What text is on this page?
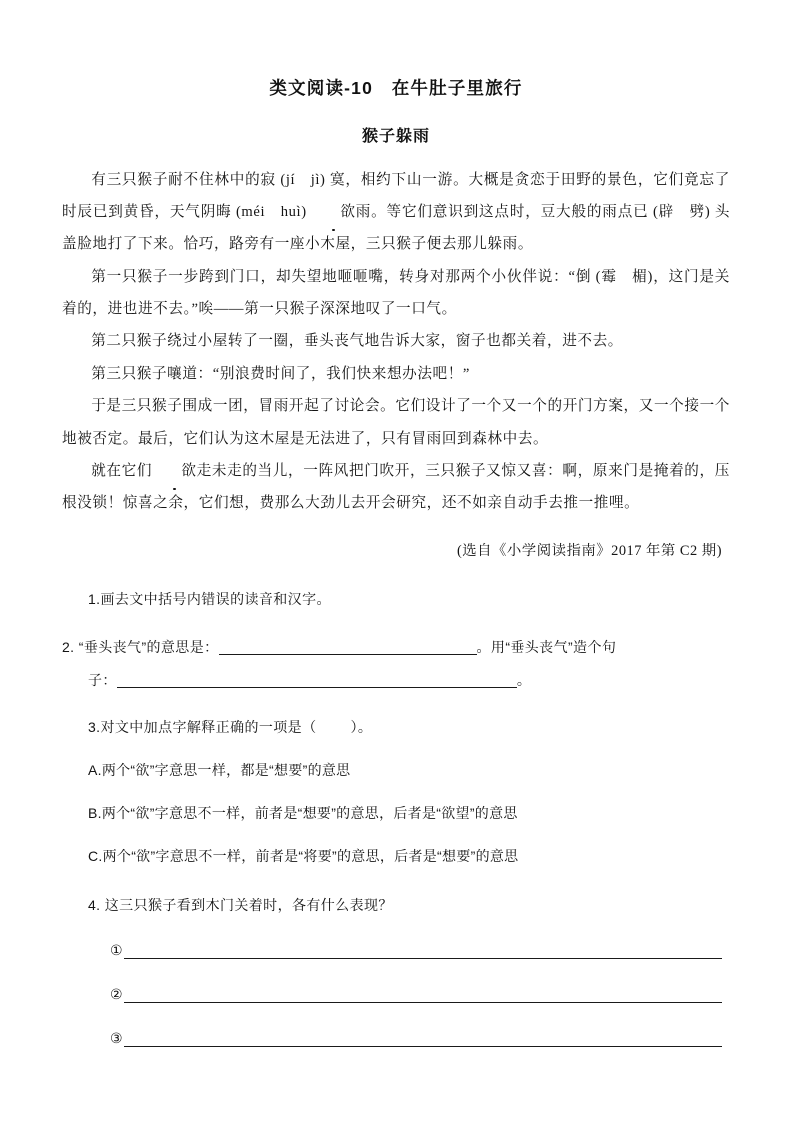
类文阅读-10　在牛肚子里旅行
猴子躲雨

有三只猴子耐不住林中的寂 (jí　jì) 寞，相约下山一游。大概是贪恋于田野的景色，它们竟忘了时辰已到黄昏，天气阴晦 (méi　huì) 欲雨。等它们意识到这点时，豆大般的雨点已 (辟　劈) 头盖脸地打了下来。恰巧，路旁有一座小木屋，三只猴子便去那儿躲雨。

第一只猴子一步跨到门口，却失望地咂咂嘴，转身对那两个小伙伴说：“倒 (霉　楣)，这门是关着的，进也进不去。”唉——第一只猴子深深地叹了一口气。

第二只猴子绕过小屋转了一圈，垂头丧气地告诉大家，窗子也都关着，进不去。

第三只猴子嚷道：“别浪费时间了，我们快来想办法吧！”

于是三只猴子围成一团，冒雨开起了讨论会。它们设计了一个又一个的开门方案，又一个接一个地被否定。最后，它们认为这木屋是无法进了，只有冒雨回到森林中去。

就在它们 欲走未走的当儿，一阵风把门吹开，三只猴子又惊又喜：啊，原来门是掩着的，压根没锁！惊喜之余，它们想，费那么大劲儿去开会研究，还不如亲自动手去推一推哩。

(选自《小学阅读指南》2017 年第 C2 期)
1.画去文中括号内错误的读音和汉字。
2. “垂头丧气”的意思是：	。用“垂头丧气”造个句
子：	。
3.对文中加点字解释正确的一项是（ ）。
A.两个“欲”字意思一样，都是“想要”的意思
B.两个“欲”字意思不一样，前者是“想要”的意思，后者是“欲望”的意思
C.两个“欲”字意思不一样，前者是“将要”的意思，后者是“想要”的意思
4. 这三只猴子看到木门关着时，各有什么表现？
①
②
③
